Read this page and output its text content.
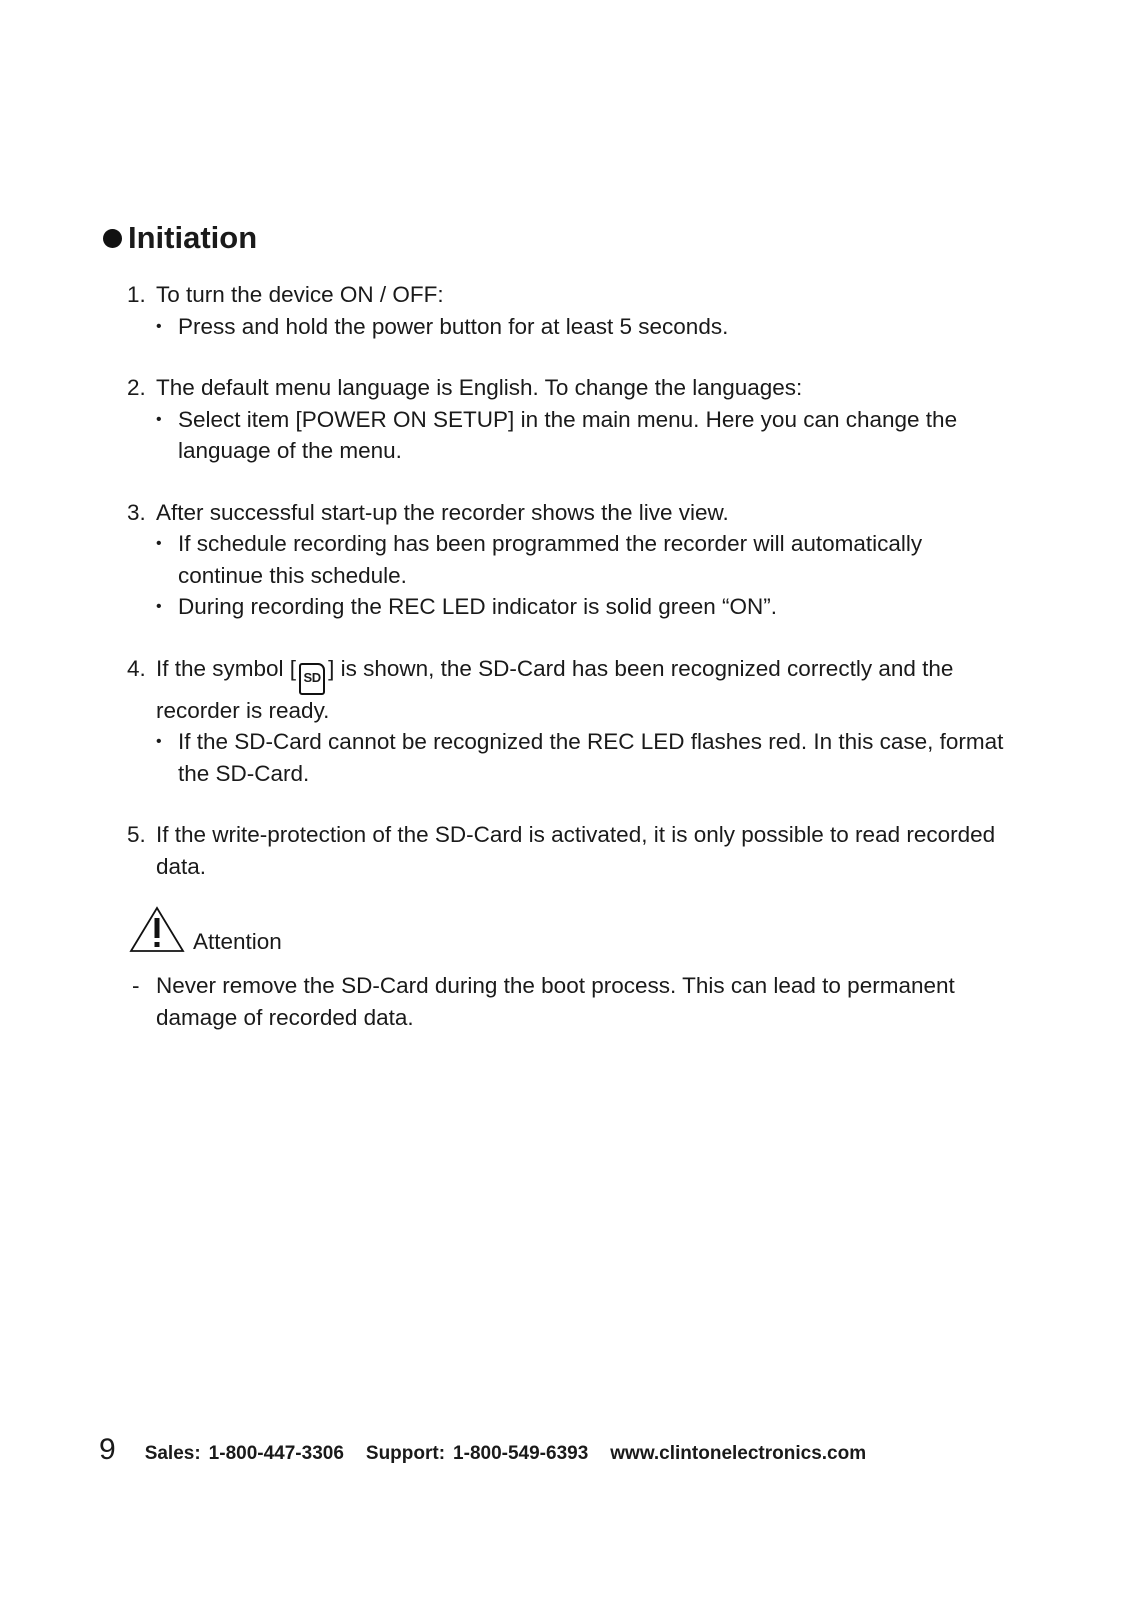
Initiation
1. To turn the device ON / OFF:
• Press and hold the power button for at least 5 seconds.
2. The default menu language is English. To change the languages:
• Select item [POWER ON SETUP] in the main menu. Here you can change the language of the menu.
3. After successful start-up the recorder shows the live view.
• If schedule recording has been programmed the recorder will automatically continue this schedule.
• During recording the REC LED indicator is solid green “ON”.
4. If the symbol [ SD ] is shown, the SD-Card has been recognized correctly and the recorder is ready.
• If the SD-Card cannot be recognized the REC LED flashes red. In this case, format the SD-Card.
5. If the write-protection of the SD-Card is activated, it is only possible to read recorded data.
Attention
- Never remove the SD-Card during the boot process. This can lead to permanent damage of recorded data.
9 Sales: 1-800-447-3306 Support: 1-800-549-6393 www.clintonelectronics.com
